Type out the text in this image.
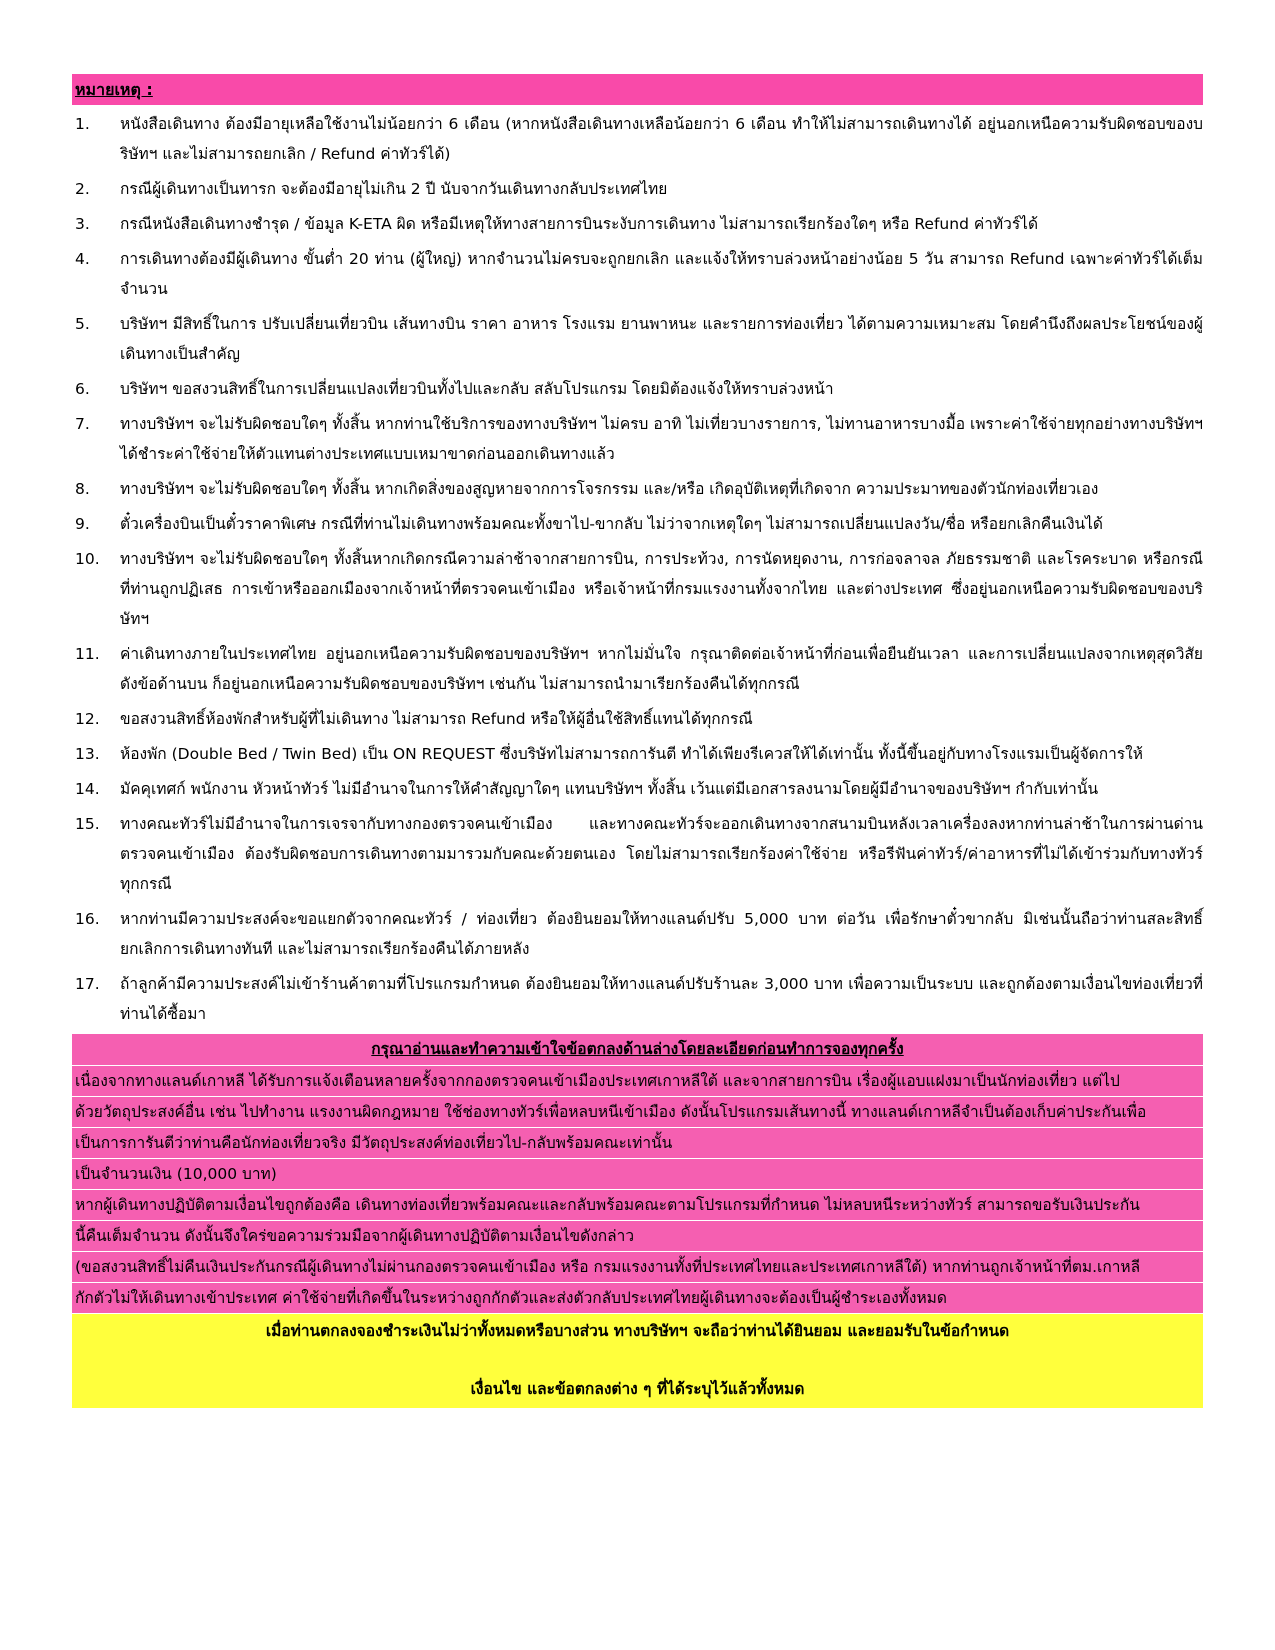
หมายเหตุ :
1.	หนังสือเดินทาง ต้องมีอายุเหลือใช้งานไม่น้อยกว่า 6 เดือน (หากหนังสือเดินทางเหลือน้อยกว่า 6 เดือน ทำให้ไม่สามารถเดินทางได้ อยู่นอกเหนือความรับผิดชอบของบริษัทฯ และไม่สามารถยกเลิก / Refund ค่าทัวร์ได้)
2.	กรณีผู้เดินทางเป็นทารก จะต้องมีอายุไม่เกิน 2 ปี นับจากวันเดินทางกลับประเทศไทย
3.	กรณีหนังสือเดินทางชำรุด / ข้อมูล K-ETA ผิด หรือมีเหตุให้ทางสายการบินระงับการเดินทาง ไม่สามารถเรียกร้องใดๆ หรือ Refund ค่าทัวร์ได้
4.	การเดินทางต้องมีผู้เดินทาง ขั้นต่ำ 20 ท่าน (ผู้ใหญ่) หากจำนวนไม่ครบจะถูกยกเลิก และแจ้งให้ทราบล่วงหน้าอย่างน้อย 5 วัน สามารถ Refund เฉพาะค่าทัวร์ได้เต็มจำนวน
5.	บริษัทฯ มีสิทธิ์ในการ ปรับเปลี่ยนเที่ยวบิน เส้นทางบิน ราคา อาหาร โรงแรม ยานพาหนะ และรายการท่องเที่ยว ได้ตามความเหมาะสม โดยคำนึงถึงผลประโยชน์ของผู้เดินทางเป็นสำคัญ
6.	บริษัทฯ ขอสงวนสิทธิ์ในการเปลี่ยนแปลงเที่ยวบินทั้งไปและกลับ สลับโปรแกรม โดยมิต้องแจ้งให้ทราบล่วงหน้า
7.	ทางบริษัทฯ จะไม่รับผิดชอบใดๆ ทั้งสิ้น หากท่านใช้บริการของทางบริษัทฯ ไม่ครบ อาทิ ไม่เที่ยวบางรายการ, ไม่ทานอาหารบางมื้อ เพราะค่าใช้จ่ายทุกอย่างทางบริษัทฯ ได้ชำระค่าใช้จ่ายให้ตัวแทนต่างประเทศแบบเหมาขาดก่อนออกเดินทางแล้ว
8.	ทางบริษัทฯ จะไม่รับผิดชอบใดๆ ทั้งสิ้น หากเกิดสิ่งของสูญหายจากการโจรกรรม และ/หรือ เกิดอุบัติเหตุที่เกิดจาก ความประมาทของตัวนักท่องเที่ยวเอง
9.	ตั๋วเครื่องบินเป็นตั๋วราคาพิเศษ กรณีที่ท่านไม่เดินทางพร้อมคณะทั้งขาไป-ขากลับ ไม่ว่าจากเหตุใดๆ ไม่สามารถเปลี่ยนแปลงวัน/ชื่อ หรือยกเลิกคืนเงินได้
10.	ทางบริษัทฯ จะไม่รับผิดชอบใดๆ ทั้งสิ้นหากเกิดกรณีความล่าช้าจากสายการบิน, การประท้วง, การนัดหยุดงาน, การก่อจลาจล ภัยธรรมชาติ และโรคระบาด หรือกรณีที่ท่านถูกปฏิเสธ การเข้าหรือออกเมืองจากเจ้าหน้าที่ตรวจคนเข้าเมือง หรือเจ้าหน้าที่กรมแรงงานทั้งจากไทย และต่างประเทศ ซึ่งอยู่นอกเหนือความรับผิดชอบของบริษัทฯ
11.	ค่าเดินทางภายในประเทศไทย อยู่นอกเหนือความรับผิดชอบของบริษัทฯ หากไม่มั่นใจ กรุณาติดต่อเจ้าหน้าที่ก่อนเพื่อยืนยันเวลา และการเปลี่ยนแปลงจากเหตุสุดวิสัยดังข้อด้านบน ก็อยู่นอกเหนือความรับผิดชอบของบริษัทฯ เช่นกัน ไม่สามารถนำมาเรียกร้องคืนได้ทุกกรณี
12.	ขอสงวนสิทธิ์ห้องพักสำหรับผู้ที่ไม่เดินทาง ไม่สามารถ Refund หรือให้ผู้อื่นใช้สิทธิ์แทนได้ทุกกรณี
13.	ห้องพัก (Double Bed / Twin Bed) เป็น ON REQUEST ซึ่งบริษัทไม่สามารถการันตี ทำได้เพียงรีเควสให้ได้เท่านั้น ทั้งนี้ขึ้นอยู่กับทางโรงแรมเป็นผู้จัดการให้
14.	มัคคุเทศก์ พนักงาน หัวหน้าทัวร์ ไม่มีอำนาจในการให้คำสัญญาใดๆ แทนบริษัทฯ ทั้งสิ้น เว้นแต่มีเอกสารลงนามโดยผู้มีอำนาจของบริษัทฯ กำกับเท่านั้น
15.	ทางคณะทัวร์ไม่มีอำนาจในการเจรจากับทางกองตรวจคนเข้าเมือง และทางคณะทัวร์จะออกเดินทางจากสนามบินหลังเวลาเครื่องลงหากท่านล่าช้าในการผ่านด่านตรวจคนเข้าเมือง ต้องรับผิดชอบการเดินทางตามมารวมกับคณะด้วยตนเอง โดยไม่สามารถเรียกร้องค่าใช้จ่าย หรือรีฟันค่าทัวร์/ค่าอาหารที่ไม่ได้เข้าร่วมกับทางทัวร์ทุกกรณี
16.	หากท่านมีความประสงค์จะขอแยกตัวจากคณะทัวร์ / ท่องเที่ยว ต้องยินยอมให้ทางแลนด์ปรับ 5,000 บาท ต่อวัน เพื่อรักษาตั๋วขากลับ มิเช่นนั้นถือว่าท่านสละสิทธิ์ยกเลิกการเดินทางทันที และไม่สามารถเรียกร้องคืนได้ภายหลัง
17.	ถ้าลูกค้ามีความประสงค์ไม่เข้าร้านค้าตามที่โปรแกรมกำหนด ต้องยินยอมให้ทางแลนด์ปรับร้านละ 3,000 บาท เพื่อความเป็นระบบ และถูกต้องตามเงื่อนไขท่องเที่ยวที่ท่านได้ซื้อมา
กรุณาอ่านและทำความเข้าใจข้อตกลงด้านล่างโดยละเอียดก่อนทำการจองทุกครั้ง
เนื่องจากทางแลนด์เกาหลี ได้รับการแจ้งเตือนหลายครั้งจากกองตรวจคนเข้าเมืองประเทศเกาหลีใต้ และจากสายการบิน เรื่องผู้แอบแฝงมาเป็นนักท่องเที่ยว แต่ไป
ด้วยวัตถุประสงค์อื่น เช่น ไปทำงาน แรงงานผิดกฎหมาย ใช้ช่องทางทัวร์เพื่อหลบหนีเข้าเมือง ดังนั้นโปรแกรมเส้นทางนี้ ทางแลนด์เกาหลีจำเป็นต้องเก็บค่าประกันเพื่อ
เป็นการการันตีว่าท่านคือนักท่องเที่ยวจริง มีวัตถุประสงค์ท่องเที่ยวไป-กลับพร้อมคณะเท่านั้น
เป็นจำนวนเงิน (10,000 บาท)
หากผู้เดินทางปฏิบัติตามเงื่อนไขถูกต้องคือ เดินทางท่องเที่ยวพร้อมคณะและกลับพร้อมคณะตามโปรแกรมที่กำหนด ไม่หลบหนีระหว่างทัวร์ สามารถขอรับเงินประกัน
นี้คืนเต็มจำนวน ดังนั้นจึงใคร่ขอความร่วมมือจากผู้เดินทางปฏิบัติตามเงื่อนไขดังกล่าว
(ขอสงวนสิทธิ์ไม่คืนเงินประกันกรณีผู้เดินทางไม่ผ่านกองตรวจคนเข้าเมือง หรือ กรมแรงงานทั้งที่ประเทศไทยและประเทศเกาหลีใต้) หากท่านถูกเจ้าหน้าที่ตม.เกาหลี
กักตัวไม่ให้เดินทางเข้าประเทศ ค่าใช้จ่ายที่เกิดขึ้นในระหว่างถูกกักตัวและส่งตัวกลับประเทศไทยผู้เดินทางจะต้องเป็นผู้ชำระเองทั้งหมด
เมื่อท่านตกลงจองชำระเงินไม่ว่าทั้งหมดหรือบางส่วน ทางบริษัทฯ จะถือว่าท่านได้ยินยอม และยอมรับในข้อกำหนด
เงื่อนไข และข้อตกลงต่าง ๆ ที่ได้ระบุไว้แล้วทั้งหมด
